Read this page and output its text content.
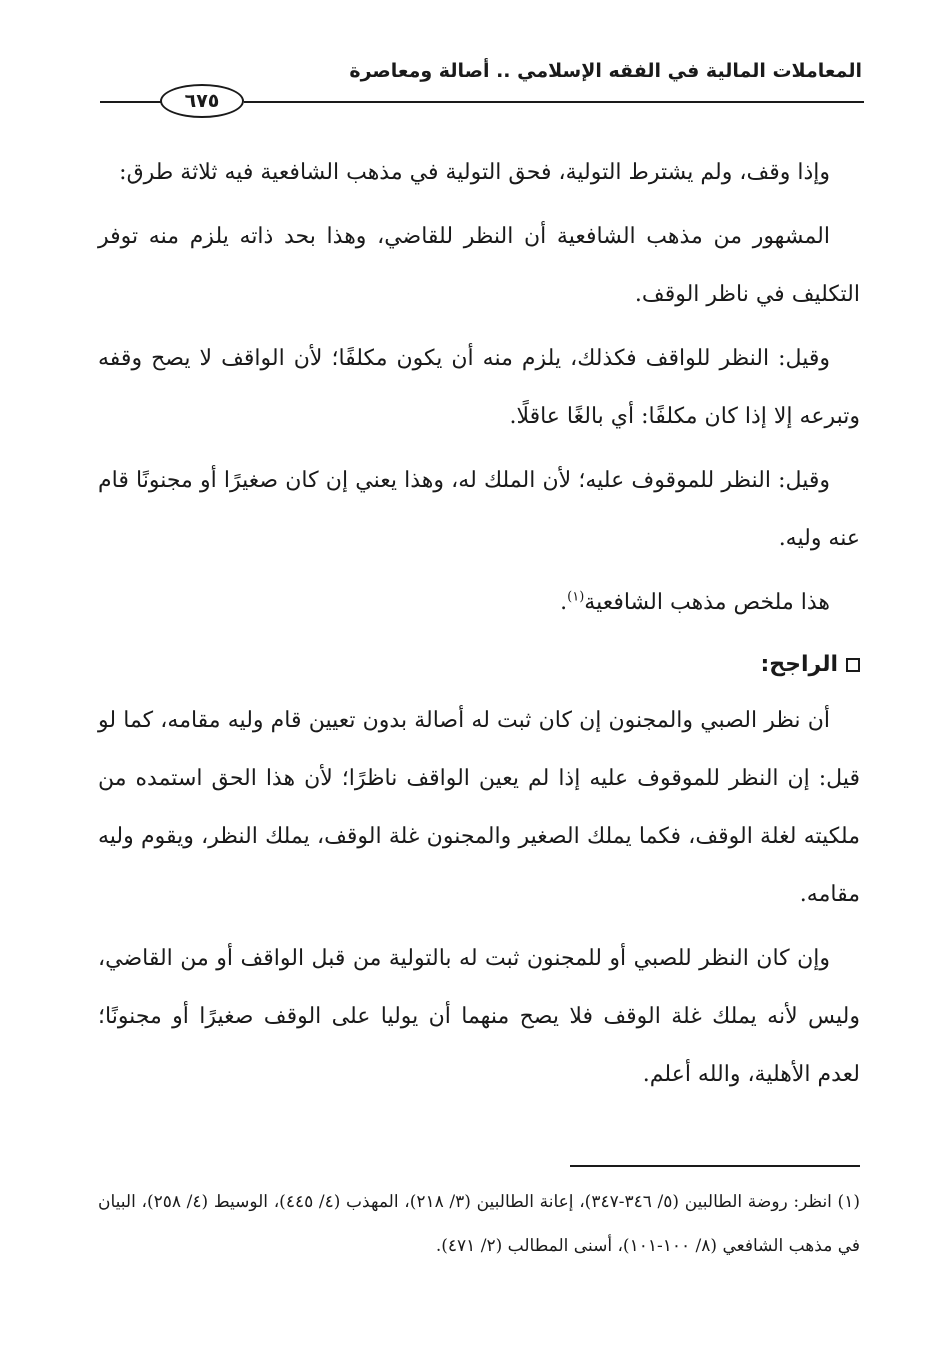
المعاملات المالية في الفقه الإسلامي .. أصالة ومعاصرة
٦٧٥

وإذا وقف، ولم يشترط التولية، فحق التولية في مذهب الشافعية فيه ثلاثة طرق:

المشهور من مذهب الشافعية أن النظر للقاضي، وهذا بحد ذاته يلزم منه توفر التكليف في ناظر الوقف.

وقيل: النظر للواقف فكذلك، يلزم منه أن يكون مكلفًا؛ لأن الواقف لا يصح وقفه وتبرعه إلا إذا كان مكلفًا: أي بالغًا عاقلًا.

وقيل: النظر للموقوف عليه؛ لأن الملك له، وهذا يعني إن كان صغيرًا أو مجنونًا قام عنه وليه.

هذا ملخص مذهب الشافعية$^{(١)}$.

الراجح:

أن نظر الصبي والمجنون إن كان ثبت له أصالة بدون تعيين قام وليه مقامه، كما لو قيل: إن النظر للموقوف عليه إذا لم يعين الواقف ناظرًا؛ لأن هذا الحق استمده من ملكيته لغلة الوقف، فكما يملك الصغير والمجنون غلة الوقف، يملك النظر، ويقوم وليه مقامه.

وإن كان النظر للصبي أو للمجنون ثبت له بالتولية من قبل الواقف أو من القاضي، وليس لأنه يملك غلة الوقف فلا يصح منهما أن يوليا على الوقف صغيرًا أو مجنونًا؛ لعدم الأهلية، والله أعلم.

(١) انظر: روضة الطالبين (٥/ ٣٤٦-٣٤٧)، إعانة الطالبين (٣/ ٢١٨)، المهذب (٤/ ٤٤٥)، الوسيط (٤/ ٢٥٨)، البيان في مذهب الشافعي (٨/ ١٠٠-١٠١)، أسنى المطالب (٢/ ٤٧١).
